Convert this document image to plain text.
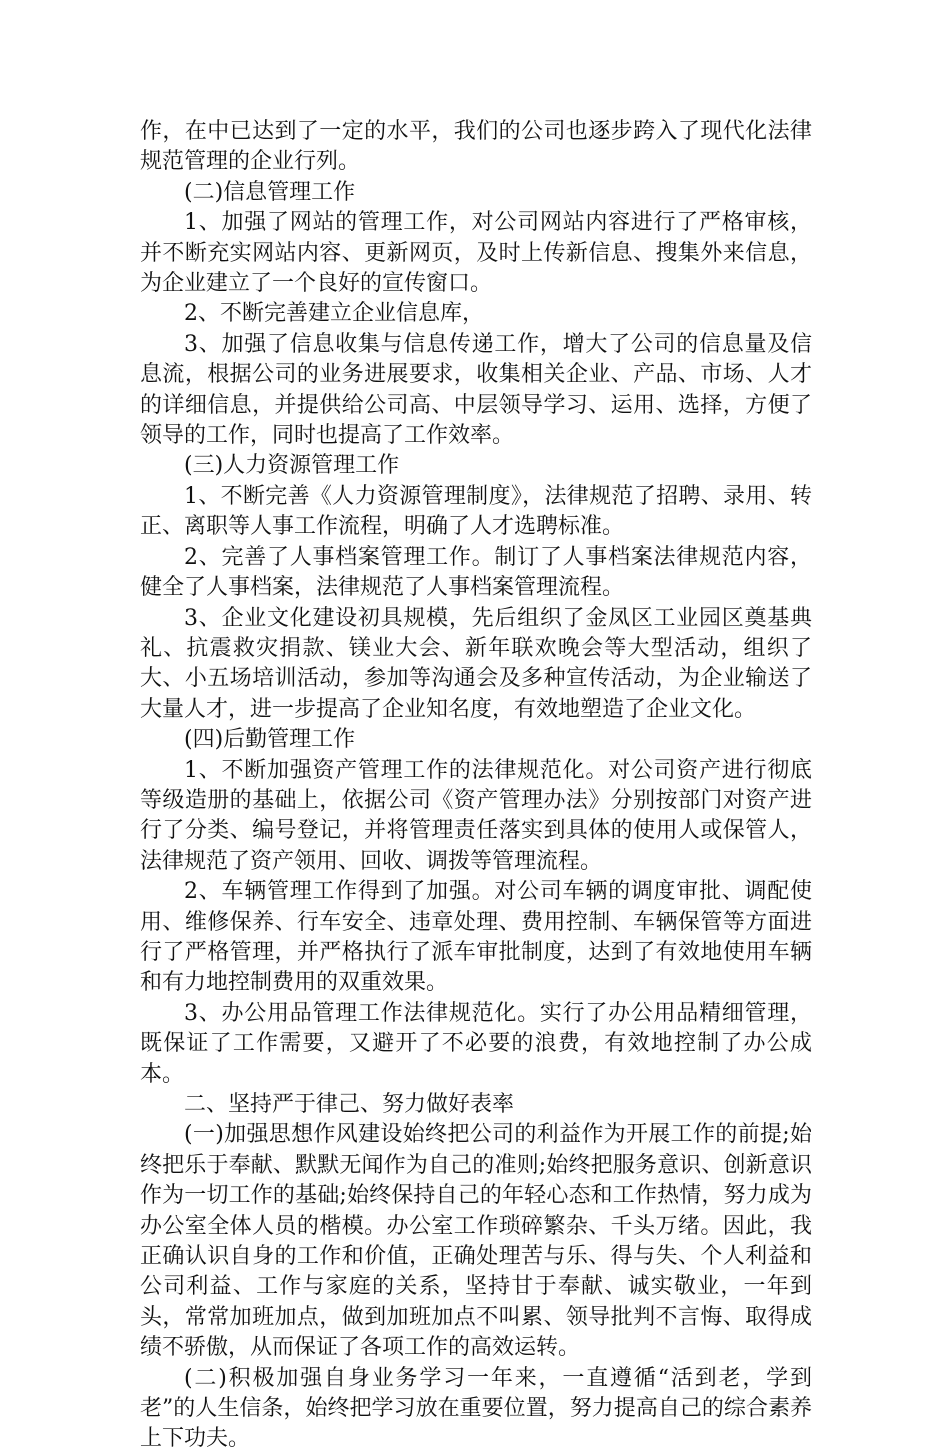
作，在中已达到了一定的水平，我们的公司也逐步跨入了现代化法律规范管理的企业行列。

(二)信息管理工作

1、加强了网站的管理工作，对公司网站内容进行了严格审核，并不断充实网站内容、更新网页，及时上传新信息、搜集外来信息，为企业建立了一个良好的宣传窗口。

2、不断完善建立企业信息库，

3、加强了信息收集与信息传递工作，增大了公司的信息量及信息流，根据公司的业务进展要求，收集相关企业、产品、市场、人才的详细信息，并提供给公司高、中层领导学习、运用、选择，方便了领导的工作，同时也提高了工作效率。

(三)人力资源管理工作

1、不断完善《人力资源管理制度》，法律规范了招聘、录用、转正、离职等人事工作流程，明确了人才选聘标准。

2、完善了人事档案管理工作。制订了人事档案法律规范内容，健全了人事档案，法律规范了人事档案管理流程。

3、企业文化建设初具规模，先后组织了金凤区工业园区奠基典礼、抗震救灾捐款、镁业大会、新年联欢晚会等大型活动，组织了大、小五场培训活动，参加等沟通会及多种宣传活动，为企业输送了大量人才，进一步提高了企业知名度，有效地塑造了企业文化。

(四)后勤管理工作

1、不断加强资产管理工作的法律规范化。对公司资产进行彻底等级造册的基础上，依据公司《资产管理办法》分别按部门对资产进行了分类、编号登记，并将管理责任落实到具体的使用人或保管人，法律规范了资产领用、回收、调拨等管理流程。

2、车辆管理工作得到了加强。对公司车辆的调度审批、调配使用、维修保养、行车安全、违章处理、费用控制、车辆保管等方面进行了严格管理，并严格执行了派车审批制度，达到了有效地使用车辆和有力地控制费用的双重效果。

3、办公用品管理工作法律规范化。实行了办公用品精细管理，既保证了工作需要，又避开了不必要的浪费，有效地控制了办公成本。

二、坚持严于律己、努力做好表率

(一)加强思想作风建设始终把公司的利益作为开展工作的前提;始终把乐于奉献、默默无闻作为自己的准则;始终把服务意识、创新意识作为一切工作的基础;始终保持自己的年轻心态和工作热情，努力成为办公室全体人员的楷模。办公室工作琐碎繁杂、千头万绪。因此，我正确认识自身的工作和价值，正确处理苦与乐、得与失、个人利益和公司利益、工作与家庭的关系，坚持甘于奉献、诚实敬业，一年到头，常常加班加点，做到加班加点不叫累、领导批判不言悔、取得成绩不骄傲，从而保证了各项工作的高效运转。

(二)积极加强自身业务学习一年来，一直遵循“活到老，学到老”的人生信条，始终把学习放在重要位置，努力提高自己的综合素养上下功夫。
